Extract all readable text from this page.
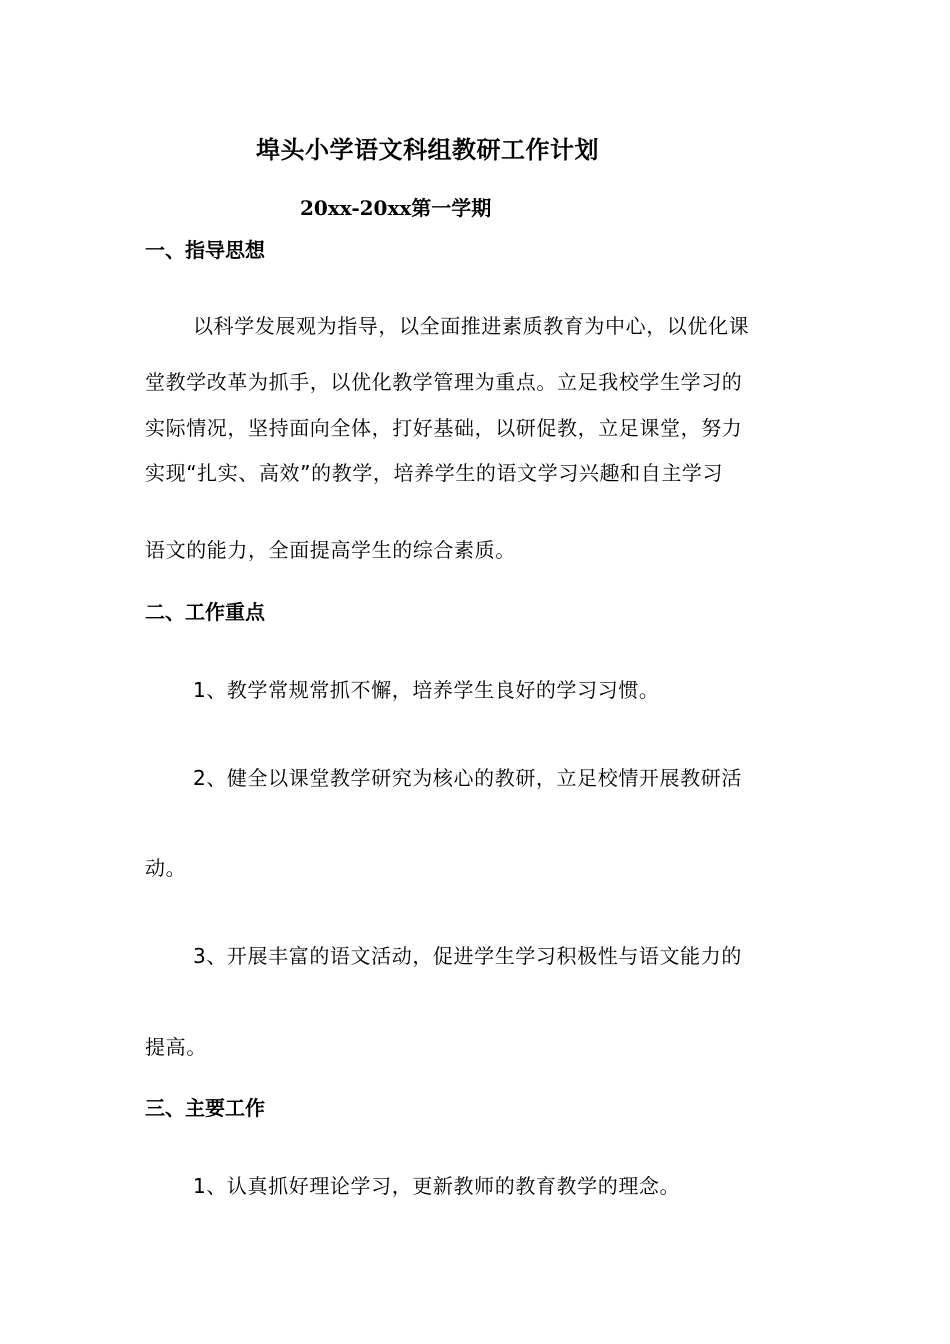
埠头小学语文科组教研工作计划
20xx-20xx第一学期
一、指导思想
以科学发展观为指导，以全面推进素质教育为中心，以优化课
堂教学改革为抓手，以优化教学管理为重点。立足我校学生学习的
实际情况，坚持面向全体，打好基础，以研促教，立足课堂，努力
实现“扎实、高效”的教学，培养学生的语文学习兴趣和自主学习
语文的能力，全面提高学生的综合素质。
二、工作重点
1、教学常规常抓不懈，培养学生良好的学习习惯。
2、健全以课堂教学研究为核心的教研，立足校情开展教研活
动。
3、开展丰富的语文活动，促进学生学习积极性与语文能力的
提高。
三、主要工作
1、认真抓好理论学习，更新教师的教育教学的理念。
